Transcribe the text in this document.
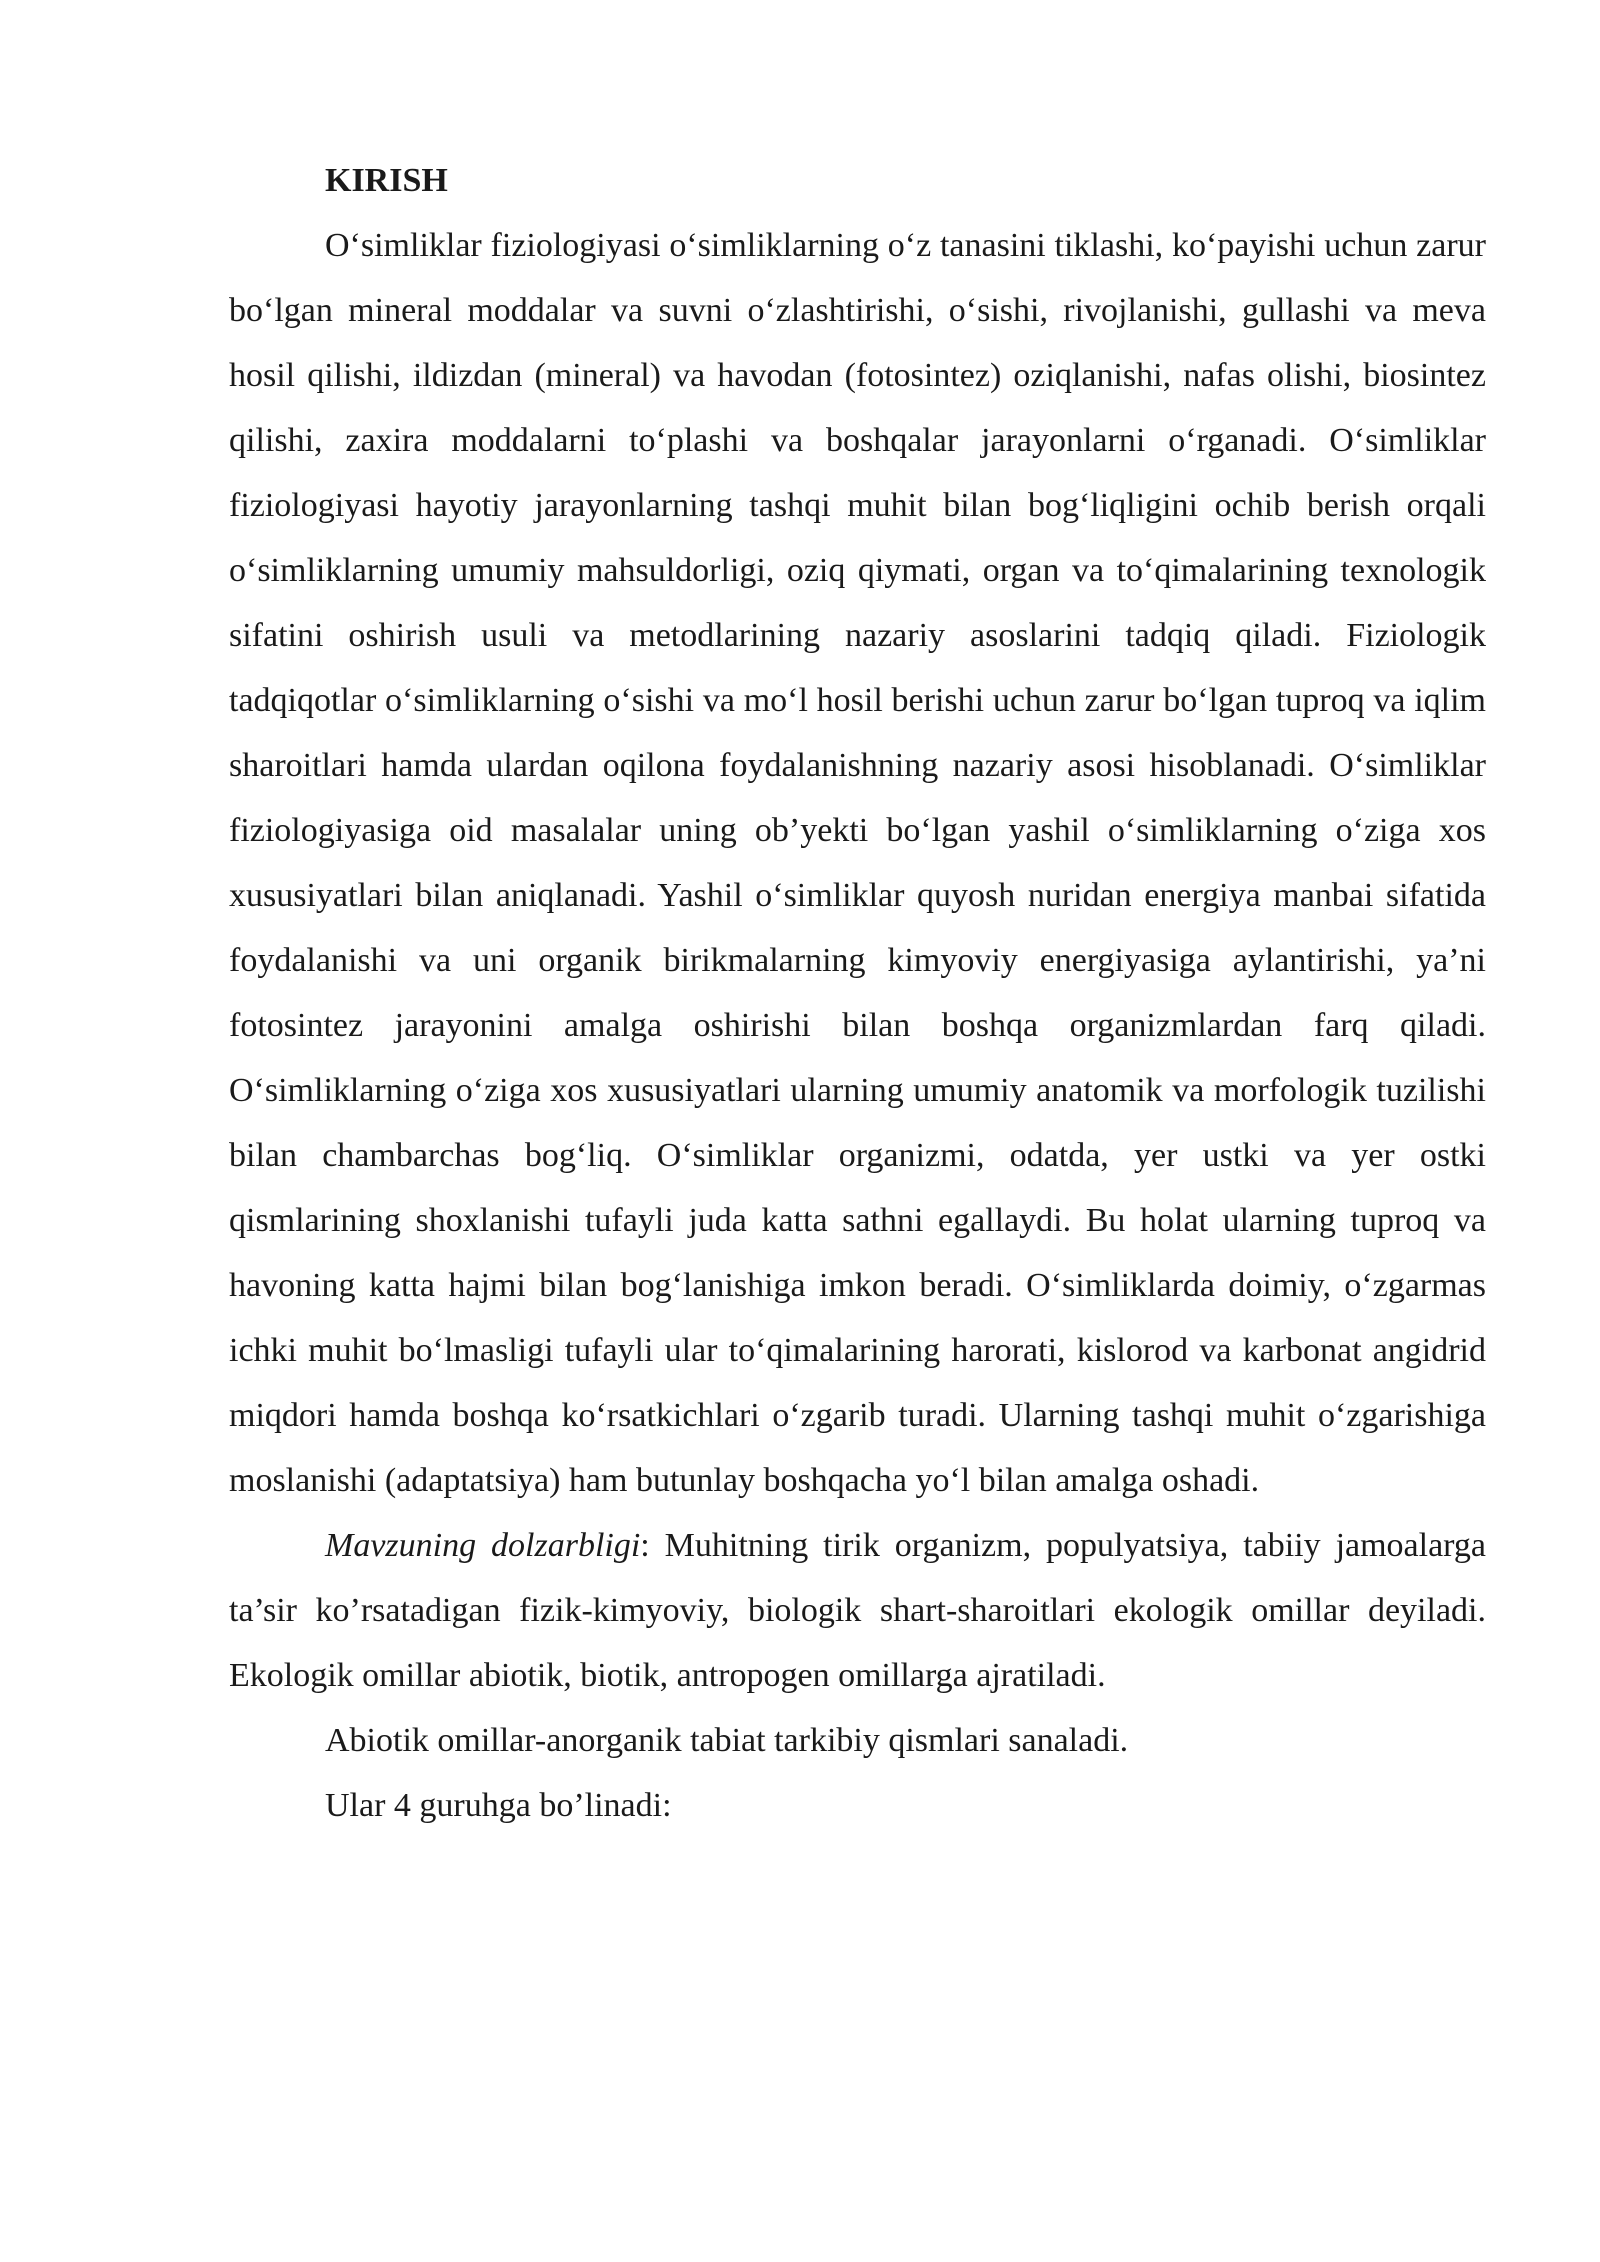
KIRISH

O‘simliklar fiziologiyasi o‘simliklarning o‘z tanasini tiklashi, ko‘payishi uchun zarur bo‘lgan mineral moddalar va suvni o‘zlashtirishi, o‘sishi, rivojlanishi, gullashi va meva hosil qilishi, ildizdan (mineral) va havodan (fotosintez) oziqlanishi, nafas olishi, biosintez qilishi, zaxira moddalarni to‘plashi va boshqalar jarayonlarni o‘rganadi. O‘simliklar fiziologiyasi hayotiy jarayonlarning tashqi muhit bilan bog‘liqligini ochib berish orqali o‘simliklarning umumiy mahsuldorligi, oziq qiymati, organ va to‘qimalarining texnologik sifatini oshirish usuli va metodlarining nazariy asoslarini tadqiq qiladi. Fiziologik tadqiqotlar o‘simliklarning o‘sishi va mo‘l hosil berishi uchun zarur bo‘lgan tuproq va iqlim sharoitlari hamda ulardan oqilona foydalanishning nazariy asosi hisoblanadi. O‘simliklar fiziologiyasiga oid masalalar uning ob’yekti bo‘lgan yashil o‘simliklarning o‘ziga xos xususiyatlari bilan aniqlanadi. Yashil o‘simliklar quyosh nuridan energiya manbai sifatida foydalanishi va uni organik birikmalarning kimyoviy energiyasiga aylantirishi, ya’ni fotosintez jarayonini amalga oshirishi bilan boshqa organizmlardan farq qiladi. O‘simliklarning o‘ziga xos xususiyatlari ularning umumiy anatomik va morfologik tuzilishi bilan chambarchas bog‘liq. O‘simliklar organizmi, odatda, yer ustki va yer ostki qismlarining shoxlanishi tufayli juda katta sathni egallaydi. Bu holat ularning tuproq va havoning katta hajmi bilan bog‘lanishiga imkon beradi. O‘simliklarda doimiy, o‘zgarmas ichki muhit bo‘lmasligi tufayli ular to‘qimalarining harorati, kislorod va karbonat angidrid miqdori hamda boshqa ko‘rsatkichlari o‘zgarib turadi. Ularning tashqi muhit o‘zgarishiga moslanishi (adaptatsiya) ham butunlay boshqacha yo‘l bilan amalga oshadi.

Mavzuning dolzarbligi: Muhitning tirik organizm, populyatsiya, tabiiy jamoalarga ta’sir ko’rsatadigan fizik-kimyoviy, biologik shart-sharoitlari ekologik omillar deyiladi. Ekologik omillar abiotik, biotik, antropogen omillarga ajratiladi.

Abiotik omillar-anorganik tabiat tarkibiy qismlari sanaladi.

Ular 4 guruhga bo’linadi:
